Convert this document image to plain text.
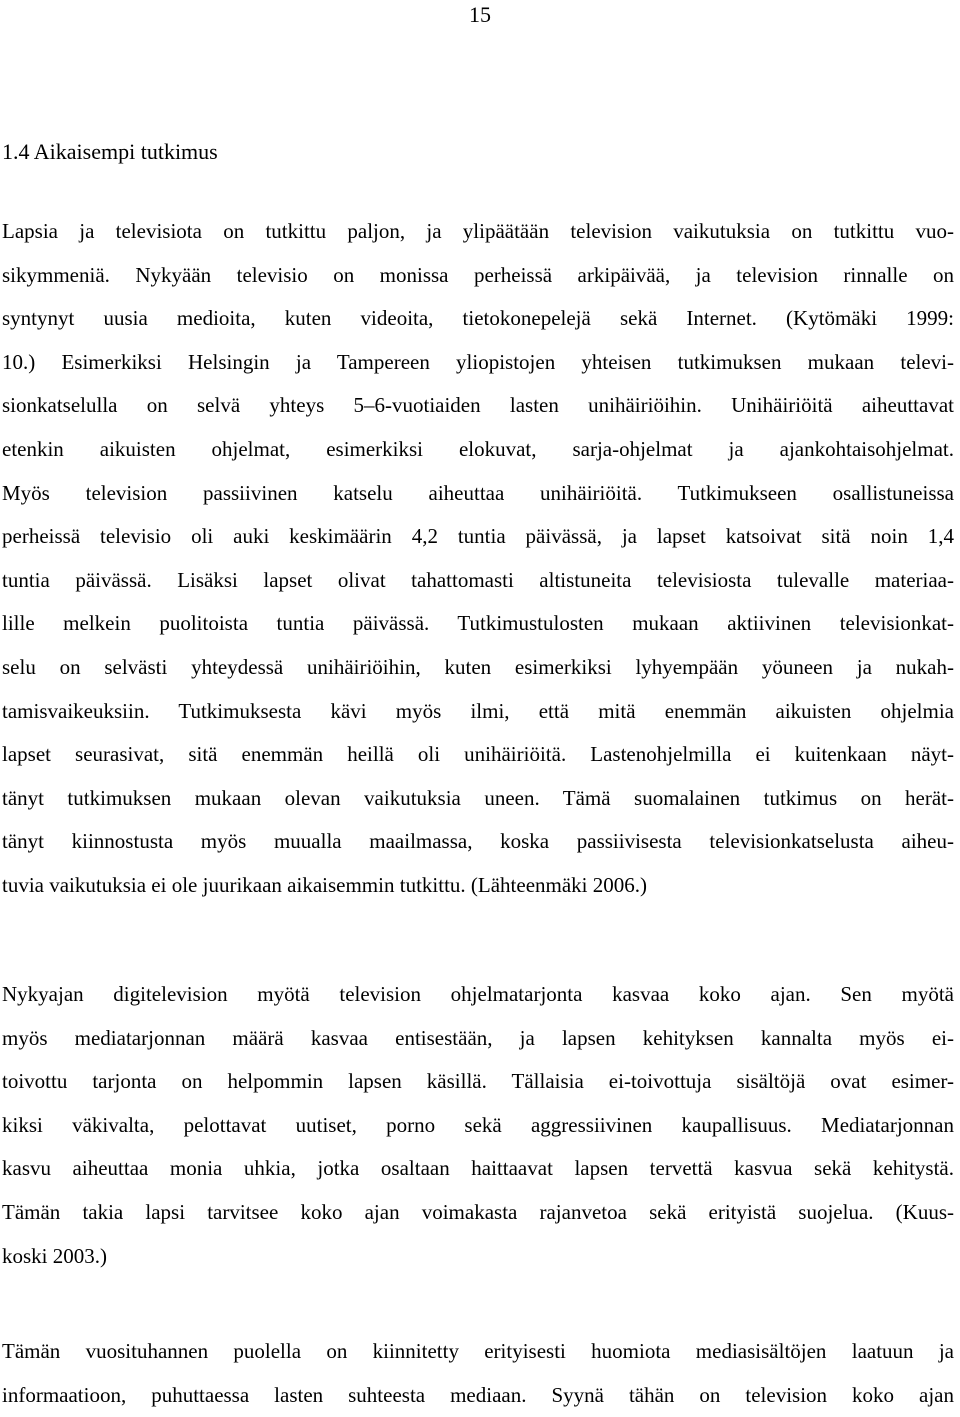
15
1.4 Aikaisempi tutkimus
Lapsia ja televisiota on tutkittu paljon, ja ylipäätään television vaikutuksia on tutkittu vuo-
sikymmeniä. Nykyään televisio on monissa perheissä arkipäivää, ja television rinnalle on
syntynyt uusia medioita, kuten videoita, tietokonepelejä sekä Internet. (Kytömäki 1999:
10.) Esimerkiksi Helsingin ja Tampereen yliopistojen yhteisen tutkimuksen mukaan televi-
sionkatselulla on selvä yhteys 5–6-vuotiaiden lasten unihäiriöihin. Unihäiriöitä aiheuttavat
etenkin aikuisten ohjelmat, esimerkiksi elokuvat, sarja-ohjelmat ja ajankohtaisohjelmat.
Myös television passiivinen katselu aiheuttaa unihäiriöitä. Tutkimukseen osallistuneissa
perheissä televisio oli auki keskimäärin 4,2 tuntia päivässä, ja lapset katsoivat sitä noin 1,4
tuntia päivässä. Lisäksi lapset olivat tahattomasti altistuneita televisiosta tulevalle materiaa-
lille melkein puolitoista tuntia päivässä. Tutkimustulosten mukaan aktiivinen televisionkat-
selu on selvästi yhteydessä unihäiriöihin, kuten esimerkiksi lyhyempään yöuneen ja nukah-
tamisvaikeuksiin. Tutkimuksesta kävi myös ilmi, että mitä enemmän aikuisten ohjelmia
lapset seurasivat, sitä enemmän heillä oli unihäiriöitä. Lastenohjelmilla ei kuitenkaan näyt-
tänyt tutkimuksen mukaan olevan vaikutuksia uneen. Tämä suomalainen tutkimus on herät-
tänyt kiinnostusta myös muualla maailmassa, koska passiivisesta televisionkatselusta aiheu-
tuvia vaikutuksia ei ole juurikaan aikaisemmin tutkittu. (Lähteenmäki 2006.)
Nykyajan digitelevision myötä television ohjelmatarjonta kasvaa koko ajan. Sen myötä
myös mediatarjonnan määrä kasvaa entisestään, ja lapsen kehityksen kannalta myös ei-
toivottu tarjonta on helpommin lapsen käsillä. Tällaisia ei-toivottuja sisältöjä ovat esimer-
kiksi väkivalta, pelottavat uutiset, porno sekä aggressiivinen kaupallisuus. Mediatarjonnan
kasvu aiheuttaa monia uhkia, jotka osaltaan haittaavat lapsen tervettä kasvua sekä kehitystä.
Tämän takia lapsi tarvitsee koko ajan voimakasta rajanvetoa sekä erityistä suojelua. (Kuus-
koski 2003.)
Tämän vuosituhannen puolella on kiinnitetty erityisesti huomiota mediasisältöjen laatuun ja
informaatioon, puhuttaessa lasten suhteesta mediaan. Syynä tähän on television koko ajan
